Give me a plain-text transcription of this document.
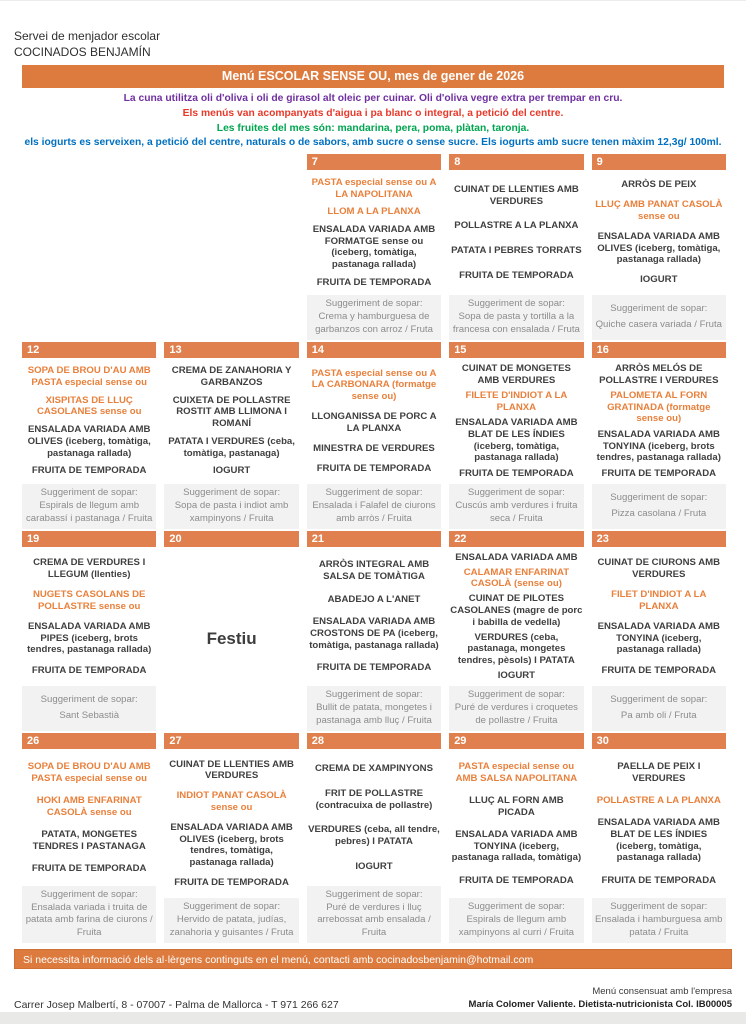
Servei de menjador escolar
COCINADOS BENJAMÍN
Menú ESCOLAR SENSE OU, mes de gener de 2026
La cuna utilitza oli d'oliva i oli de girasol alt oleic per cuinar. Oli d'oliva vegre extra per trempar en cru.
Els menús van acompanyats d'aigua i pa blanc o integral, a petició del centre.
Les fruites del mes són: mandarina, pera, poma, plàtan, taronja.
els iogurts es serveixen, a petició del centre, naturals o de sabors, amb sucre o sense sucre. Els iogurts amb sucre tenen màxim 12,3g/ 100ml.
7
PASTA especial sense ou A LA NAPOLITANA
LLOM A LA PLANXA
ENSALADA VARIADA AMB FORMATGE sense ou (iceberg, tomàtiga, pastanaga rallada)
FRUITA DE TEMPORADA
Suggeriment de sopar:
Crema y hamburguesa de garbanzos con arroz / Fruta
8
CUINAT DE LLENTIES AMB VERDURES
POLLASTRE A LA PLANXA
PATATA I PEBRES TORRATS
FRUITA DE TEMPORADA
Suggeriment de sopar:
Sopa de pasta y tortilla a la francesa con ensalada / Fruta
9
ARRÒS DE PEIX
LLUÇ AMB PANAT CASOLÀ sense ou
ENSALADA VARIADA AMB OLIVES (iceberg, tomàtiga, pastanaga rallada)
IOGURT
Suggeriment de sopar:
Quiche casera variada / Fruta
12
SOPA DE BROU D'AU AMB PASTA especial sense ou
XISPITAS DE LLUÇ CASOLANES sense ou
ENSALADA VARIADA AMB OLIVES (iceberg, tomàtiga, pastanaga rallada)
FRUITA DE TEMPORADA
Suggeriment de sopar:
Espirals de llegum amb carabassí i pastanaga / Fruita
13
CREMA DE ZANAHORIA Y GARBANZOS
CUIXETA DE POLLASTRE ROSTIT AMB LLIMONA I ROMANÍ
PATATA I VERDURES (ceba, tomàtiga, pastanaga)
IOGURT
Suggeriment de sopar:
Sopa de pasta i indiot amb xampinyons / Fruita
14
PASTA especial sense ou A LA CARBONARA (formatge sense ou)
LLONGANISSA DE PORC A LA PLANXA
MINESTRA DE VERDURES
FRUITA DE TEMPORADA
Suggeriment de sopar:
Ensalada i Falafel de ciurons amb arròs / Fruita
15
CUINAT DE MONGETES AMB VERDURES
FILETE D'INDIOT A LA PLANXA
ENSALADA VARIADA AMB BLAT DE LES ÍNDIES (iceberg, tomàtiga, pastanaga rallada)
FRUITA DE TEMPORADA
Suggeriment de sopar:
Cuscús amb verdures i fruita seca / Fruita
16
ARRÒS MELÓS DE POLLASTRE I VERDURES
PALOMETA AL FORN GRATINADA (formatge sense ou)
ENSALADA VARIADA AMB TONYINA (iceberg, brots tendres, pastanaga rallada)
FRUITA DE TEMPORADA
Suggeriment de sopar:
Pizza casolana / Fruta
19
CREMA DE VERDURES I LLEGUM (llenties)
NUGETS CASOLANS DE POLLASTRE sense ou
ENSALADA VARIADA AMB PIPES (iceberg, brots tendres, pastanaga rallada)
FRUITA DE TEMPORADA
Suggeriment de sopar:
Sant Sebastià
20
Festiu
21
ARRÒS INTEGRAL AMB SALSA DE TOMÀTIGA
ABADEJO A L'ANET
ENSALADA VARIADA AMB CROSTONS DE PA (iceberg, tomàtiga, pastanaga rallada)
FRUITA DE TEMPORADA
Suggeriment de sopar:
Bullit de patata, mongetes i pastanaga amb lluç / Fruita
22
ENSALADA VARIADA AMB
CALAMAR ENFARINAT CASOLÀ (sense ou)
CUINAT DE PILOTES CASOLANES (magre de porc i babilla de vedella)
VERDURES (ceba, pastanaga, mongetes tendres, pèsols) I PATATA
IOGURT
Suggeriment de sopar:
Puré de verdures i croquetes de pollastre / Fruita
23
CUINAT DE CIURONS AMB VERDURES
FILET D'INDIOT A LA PLANXA
ENSALADA VARIADA AMB TONYINA (iceberg, pastanaga rallada)
FRUITA DE TEMPORADA
Suggeriment de sopar:
Pa amb oli / Fruta
26
SOPA DE BROU D'AU AMB PASTA especial sense ou
HOKI AMB ENFARINAT CASOLÀ sense ou
PATATA, MONGETES TENDRES I PASTANAGA
FRUITA DE TEMPORADA
Suggeriment de sopar:
Ensalada variada i truita de patata amb farina de ciurons / Fruita
27
CUINAT DE LLENTIES AMB VERDURES
INDIOT PANAT CASOLÀ sense ou
ENSALADA VARIADA AMB OLIVES (iceberg, brots tendres, tomàtiga, pastanaga rallada)
FRUITA DE TEMPORADA
Suggeriment de sopar:
Hervido de patata, judías, zanahoria y guisantes / Fruta
28
CREMA DE XAMPINYONS
FRIT DE POLLASTRE (contracuixa de pollastre)
VERDURES (ceba, all tendre, pebres) I PATATA
IOGURT
Suggeriment de sopar:
Puré de verdures i lluç arrebossat amb ensalada / Fruita
29
PASTA especial sense ou AMB SALSA NAPOLITANA
LLUÇ AL FORN AMB PICADA
ENSALADA VARIADA AMB TONYINA (iceberg, pastanaga rallada, tomàtiga)
FRUITA DE TEMPORADA
Suggeriment de sopar:
Espirals de llegum amb xampinyons al curri / Fruita
30
PAELLA DE PEIX I VERDURES
POLLASTRE A LA PLANXA
ENSALADA VARIADA AMB BLAT DE LES ÍNDIES (iceberg, tomàtiga, pastanaga rallada)
FRUITA DE TEMPORADA
Suggeriment de sopar:
Ensalada i hamburguesa amb patata / Fruita
Si necessita informació dels al·lèrgens continguts en el menú, contacti amb cocinadosbenjamin@hotmail.com
Carrer Josep Malbertí, 8 - 07007 - Palma de Mallorca - T 971 266 627
Menú consensuat amb l'empresa
María Colomer Valiente. Dietista-nutricionista Col. IB00005
